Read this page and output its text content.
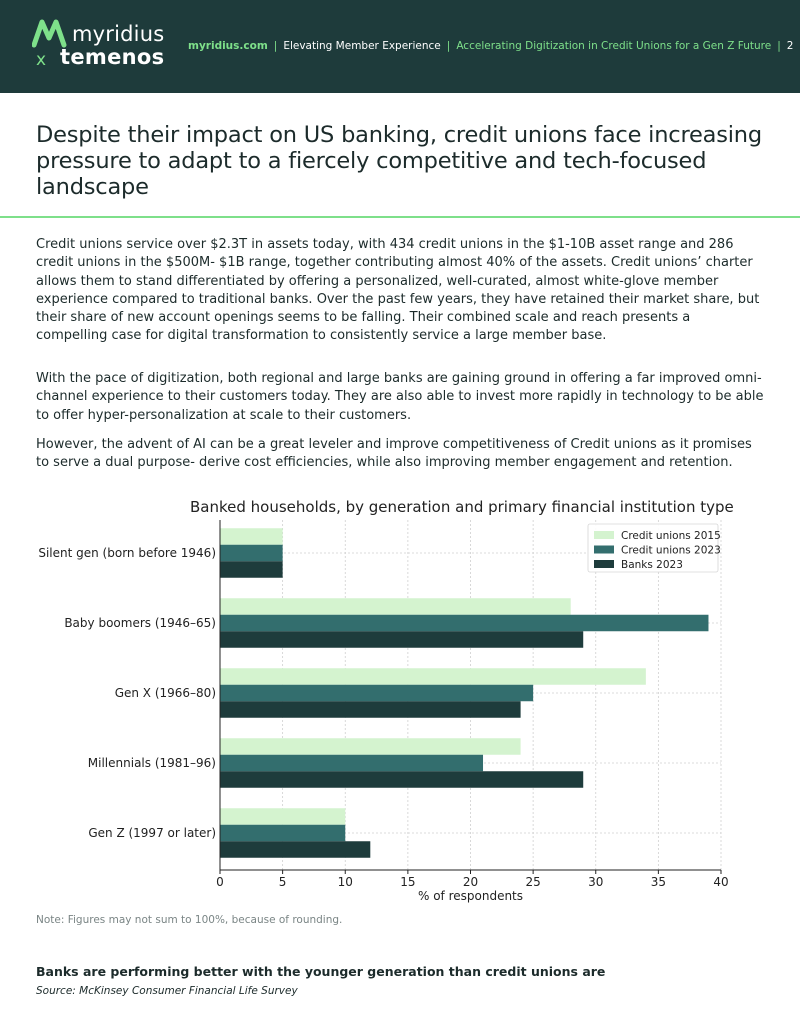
myridius
x temenos myridius.com | Elevating Member Experience | Accelerating Digitization in Credit Unions for a Gen Z Future | 2
Despite their impact on US banking, credit unions face increasing pressure to adapt to a fiercely competitive and tech-focused landscape

Credit unions service over $2.3T in assets today, with 434 credit unions in the $1-10B asset range and 286 credit unions in the $500M- $1B range, together contributing almost 40% of the assets. Credit unions’ charter allows them to stand differentiated by offering a personalized, well-curated, almost white-glove member experience compared to traditional banks. Over the past few years, they have retained their market share, but their share of new account openings seems to be falling. Their combined scale and reach presents a compelling case for digital transformation to consistently service a large member base.

With the pace of digitization, both regional and large banks are gaining ground in offering a far improved omni-channel experience to their customers today. They are also able to invest more rapidly in technology to be able to offer hyper-personalization at scale to their customers.

However, the advent of AI can be a great leveler and improve competitiveness of Credit unions as it promises to serve a dual purpose- derive cost efficiencies, while also improving member engagement and retention.

Banked households, by generation and primary financial institution type
Silent gen (born before 1946)
Baby boomers (1946–65)
Gen X (1966–80)
Millennials (1981–96)
Gen Z (1997 or later)
0	5	10	15	20	25	30	35	40
% of respondents
Credit unions 2015
Credit unions 2023
Banks 2023
Note: Figures may not sum to 100%, because of rounding.
Banks are performing better with the younger generation than credit unions are
Source: McKinsey Consumer Financial Life Survey
